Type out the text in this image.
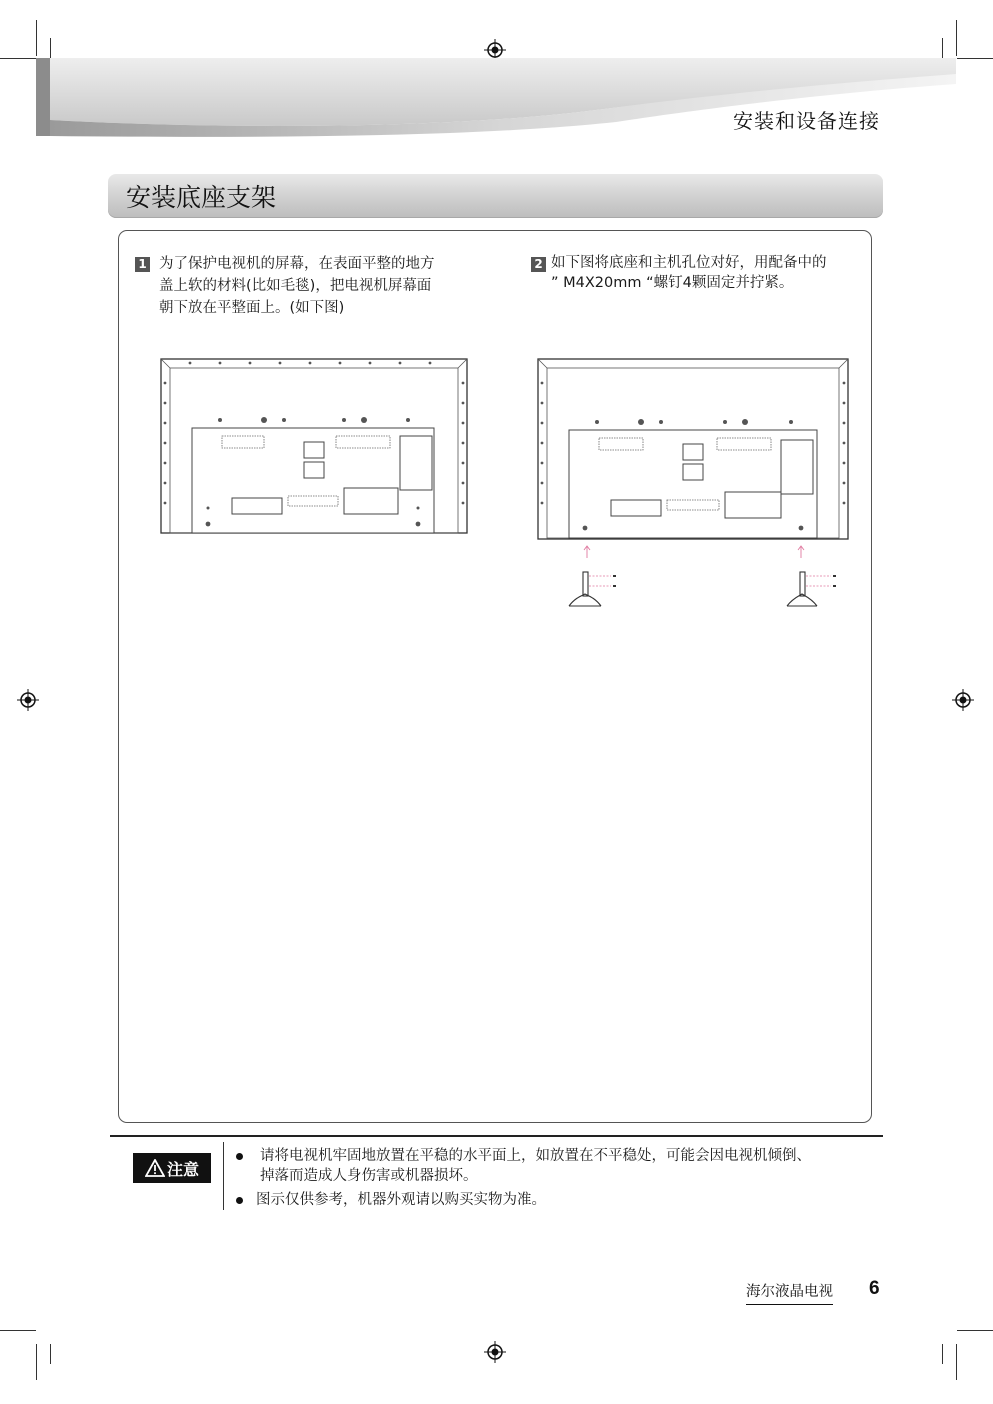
安装和设备连接
安装底座支架
1 为了保护电视机的屏幕，在表面平整的地方
盖上软的材料(比如毛毯)，把电视机屏幕面
朝下放在平整面上。(如下图)
2 如下图将底座和主机孔位对好，用配备中的
” M4X20mm “螺钉4颗固定并拧紧。
注意
请将电视机牢固地放置在平稳的水平面上，如放置在不平稳处，可能会因电视机倾倒、
掉落而造成人身伤害或机器损坏。
图示仅供参考，机器外观请以购买实物为准。
海尔液晶电视 6
